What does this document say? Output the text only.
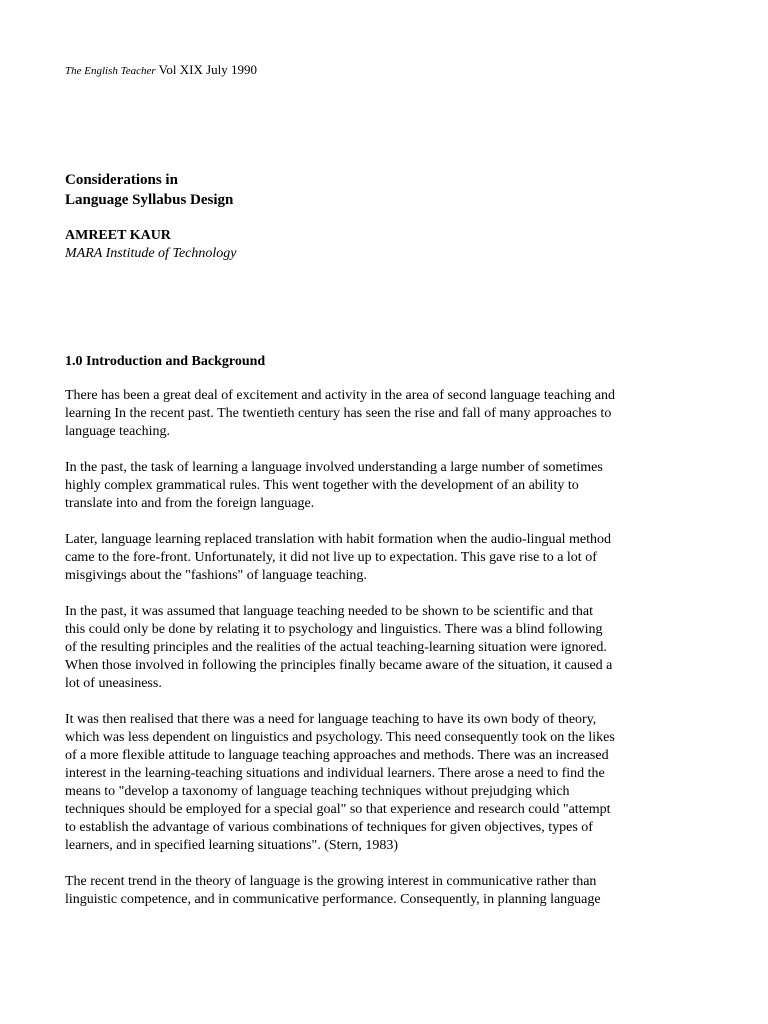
The English Teacher Vol XIX July 1990
Considerations in
Language Syllabus Design
AMREET KAUR
MARA Institude of Technology
1.0 Introduction and Background
There has been a great deal of excitement and activity in the area of second language teaching and
learning In the recent past. The twentieth century has seen the rise and fall of many approaches to
language teaching.
In the past, the task of learning a language involved understanding a large number of sometimes
highly complex grammatical rules. This went together with the development of an ability to
translate into and from the foreign language.
Later, language learning replaced translation with habit formation when the audio-lingual method
came to the fore-front. Unfortunately, it did not live up to expectation. This gave rise to a lot of
misgivings about the "fashions" of language teaching.
In the past, it was assumed that language teaching needed to be shown to be scientific and that
this could only be done by relating it to psychology and linguistics. There was a blind following
of the resulting principles and the realities of the actual teaching-learning situation were ignored.
When those involved in following the principles finally became aware of the situation, it caused a
lot of uneasiness.
It was then realised that there was a need for language teaching to have its own body of theory,
which was less dependent on linguistics and psychology. This need consequently took on the likes
of a more flexible attitude to language teaching approaches and methods. There was an increased
interest in the learning-teaching situations and individual learners. There arose a need to find the
means to "develop a taxonomy of language teaching techniques without prejudging which
techniques should be employed for a special goal" so that experience and research could "attempt
to establish the advantage of various combinations of techniques for given objectives, types of
learners, and in specified learning situations". (Stern, 1983)
The recent trend in the theory of language is the growing interest in communicative rather than
linguistic competence, and in communicative performance. Consequently, in planning language
